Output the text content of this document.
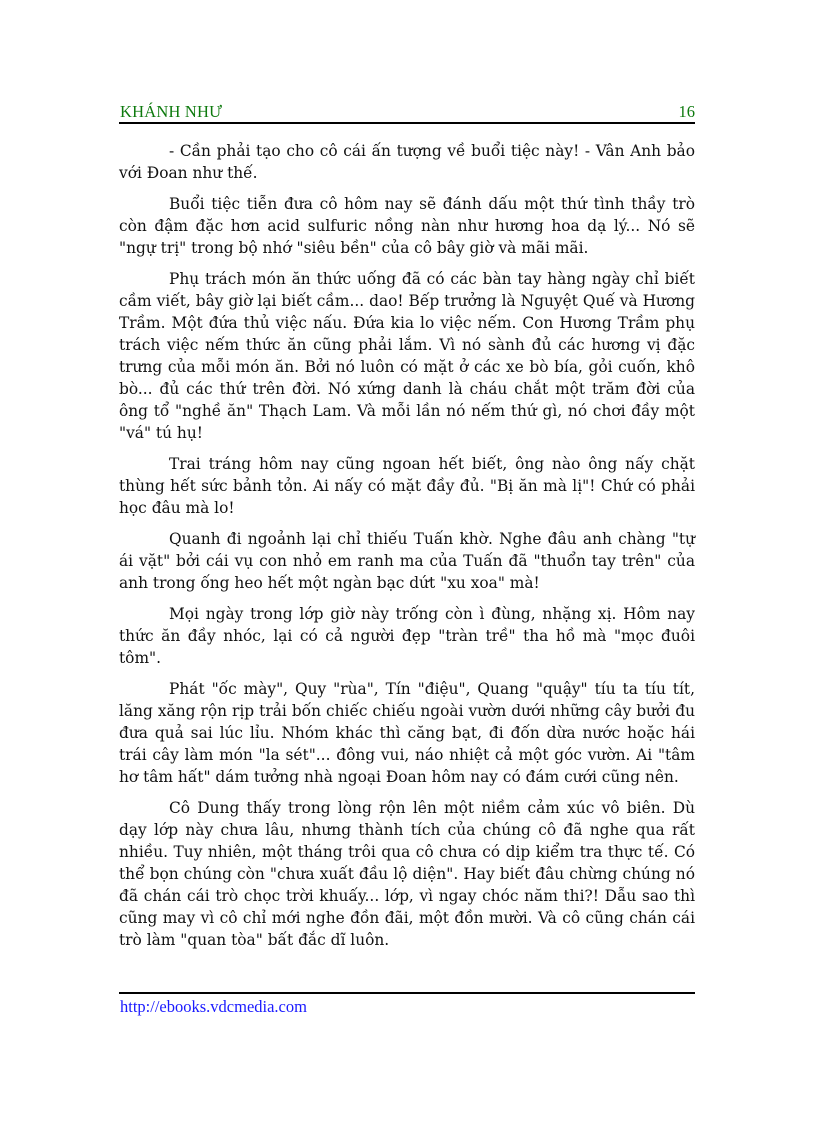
KHÁNH NHƯ	16

- Cần phải tạo cho cô cái ấn tượng về buổi tiệc này! - Vân Anh bảo với Đoan như thế.

Buổi tiệc tiễn đưa cô hôm nay sẽ đánh dấu một thứ tình thầy trò còn đậm đặc hơn acid sulfuric nồng nàn như hương hoa dạ lý... Nó sẽ "ngự trị" trong bộ nhớ "siêu bền" của cô bây giờ và mãi mãi.

Phụ trách món ăn thức uống đã có các bàn tay hàng ngày chỉ biết cầm viết, bây giờ lại biết cầm... dao! Bếp trưởng là Nguyệt Quế và Hương Trầm. Một đứa thủ việc nấu. Đứa kia lo việc nếm. Con Hương Trầm phụ trách việc nếm thức ăn cũng phải lắm. Vì nó sành đủ các hương vị đặc trưng của mỗi món ăn. Bởi nó luôn có mặt ở các xe bò bía, gỏi cuốn, khô bò... đủ các thứ trên đời. Nó xứng danh là cháu chắt một trăm đời của ông tổ "nghề ăn" Thạch Lam. Và mỗi lần nó nếm thứ gì, nó chơi đầy một "vá" tú hụ!

Trai tráng hôm nay cũng ngoan hết biết, ông nào ông nấy chặt thùng hết sức bảnh tỏn. Ai nấy có mặt đầy đủ. "Bị ăn mà lị"! Chứ có phải học đâu mà lo!

Quanh đi ngoảnh lại chỉ thiếu Tuấn khờ. Nghe đâu anh chàng "tự ái vặt" bởi cái vụ con nhỏ em ranh ma của Tuấn đã "thuổn tay trên" của anh trong ống heo hết một ngàn bạc dứt "xu xoa" mà!

Mọi ngày trong lớp giờ này trống còn ì đùng, nhặng xị. Hôm nay thức ăn đầy nhóc, lại có cả người đẹp "tràn trề" tha hồ mà "mọc đuôi tôm".

Phát "ốc mày", Quy "rùa", Tín "điệu", Quang "quậy" tíu ta tíu tít, lăng xăng rộn rịp trải bốn chiếc chiếu ngoài vườn dưới những cây bưởi đu đưa quả sai lúc lỉu. Nhóm khác thì căng bạt, đi đốn dừa nước hoặc hái trái cây làm món "la sét"... đông vui, náo nhiệt cả một góc vườn. Ai "tâm hơ tâm hất" dám tưởng nhà ngoại Đoan hôm nay có đám cưới cũng nên.

Cô Dung thấy trong lòng rộn lên một niềm cảm xúc vô biên. Dù dạy lớp này chưa lâu, nhưng thành tích của chúng cô đã nghe qua rất nhiều. Tuy nhiên, một tháng trôi qua cô chưa có dịp kiểm tra thực tế. Có thể bọn chúng còn "chưa xuất đầu lộ diện". Hay biết đâu chừng chúng nó đã chán cái trò chọc trời khuấy... lớp, vì ngay chóc năm thi?! Dẫu sao thì cũng may vì cô chỉ mới nghe đồn đãi, một đồn mười. Và cô cũng chán cái trò làm "quan tòa" bất đắc dĩ luôn.

http://ebooks.vdcmedia.com
